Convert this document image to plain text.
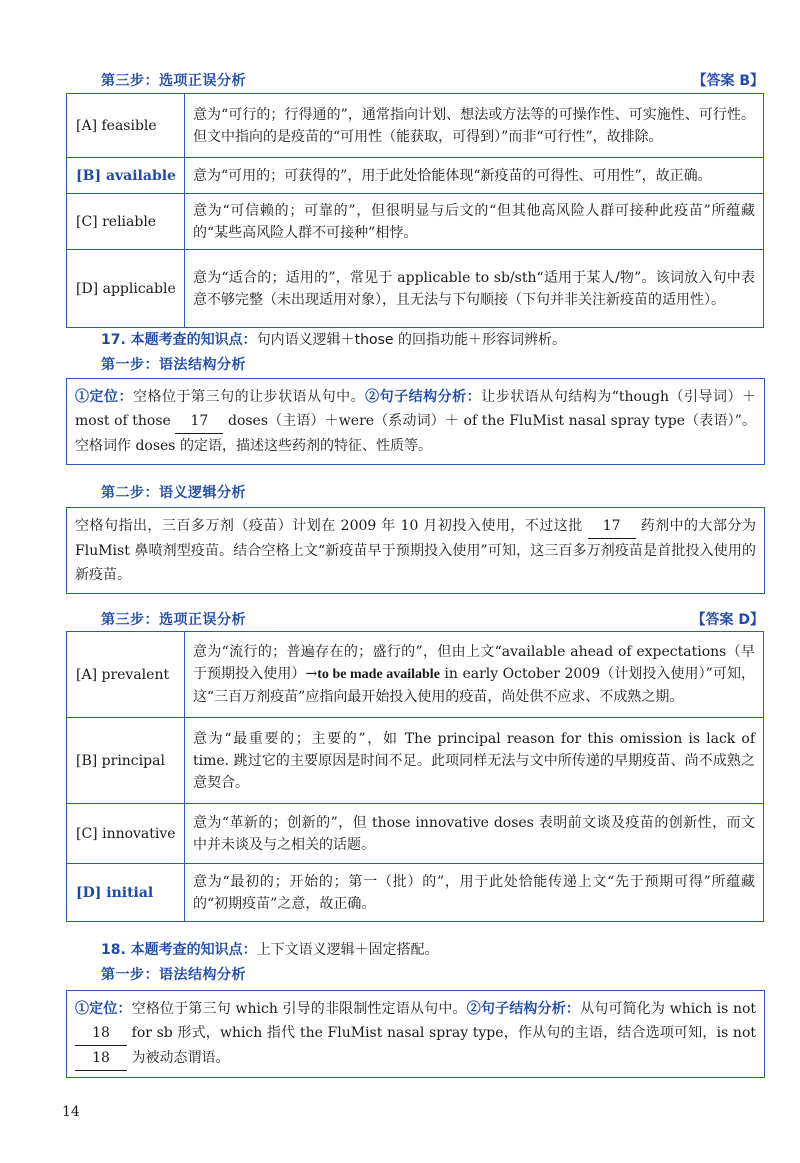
第三步：选项正误分析	【答案 B】
[A] feasible	意为“可行的；行得通的”，通常指向计划、想法或方法等的可操作性、可实施性、可行性。但文中指向的是疫苗的“可用性（能获取，可得到）”而非“可行性”，故排除。
[B] available	意为“可用的；可获得的”，用于此处恰能体现“新疫苗的可得性、可用性”，故正确。
[C] reliable	意为“可信赖的；可靠的”，但很明显与后文的“但其他高风险人群可接种此疫苗”所蕴藏的“某些高风险人群不可接种”相悖。
[D] applicable	意为“适合的；适用的”，常见于 applicable to sb/sth“适用于某人/物”。该词放入句中表意不够完整（未出现适用对象），且无法与下句顺接（下句并非关注新疫苗的适用性）。
17. 本题考查的知识点：句内语义逻辑＋those 的回指功能＋形容词辨析。
第一步：语法结构分析
①定位：空格位于第三句的让步状语从句中。②句子结构分析：让步状语从句结构为“though（引导词）＋ most of those 17 doses（主语）＋were（系动词）＋ of the FluMist nasal spray type（表语）”。空格词作 doses 的定语，描述这些药剂的特征、性质等。
第二步：语义逻辑分析
空格句指出，三百多万剂（疫苗）计划在 2009 年 10 月初投入使用，不过这批 17 药剂中的大部分为 FluMist 鼻喷剂型疫苗。结合空格上文“新疫苗早于预期投入使用”可知，这三百多万剂疫苗是首批投入使用的新疫苗。
第三步：选项正误分析	【答案 D】
[A] prevalent	意为“流行的；普遍存在的；盛行的”，但由上文“available ahead of expectations（早于预期投入使用）→to be made available in early October 2009（计划投入使用）”可知，这“三百万剂疫苗”应指向最开始投入使用的疫苗，尚处供不应求、不成熟之期。
[B] principal	意为“最重要的；主要的”，如 The principal reason for this omission is lack of time. 跳过它的主要原因是时间不足。此项同样无法与文中所传递的早期疫苗、尚不成熟之意契合。
[C] innovative	意为“革新的；创新的”，但 those innovative doses 表明前文谈及疫苗的创新性，而文中并未谈及与之相关的话题。
[D] initial	意为“最初的；开始的；第一（批）的”，用于此处恰能传递上文“先于预期可得”所蕴藏的“初期疫苗”之意，故正确。
18. 本题考查的知识点：上下文语义逻辑＋固定搭配。
第一步：语法结构分析
①定位：空格位于第三句 which 引导的非限制性定语从句中。②句子结构分析：从句可简化为 which is not 18 for sb 形式，which 指代 the FluMist nasal spray type，作从句的主语，结合选项可知，is not 18 为被动态谓语。
14
